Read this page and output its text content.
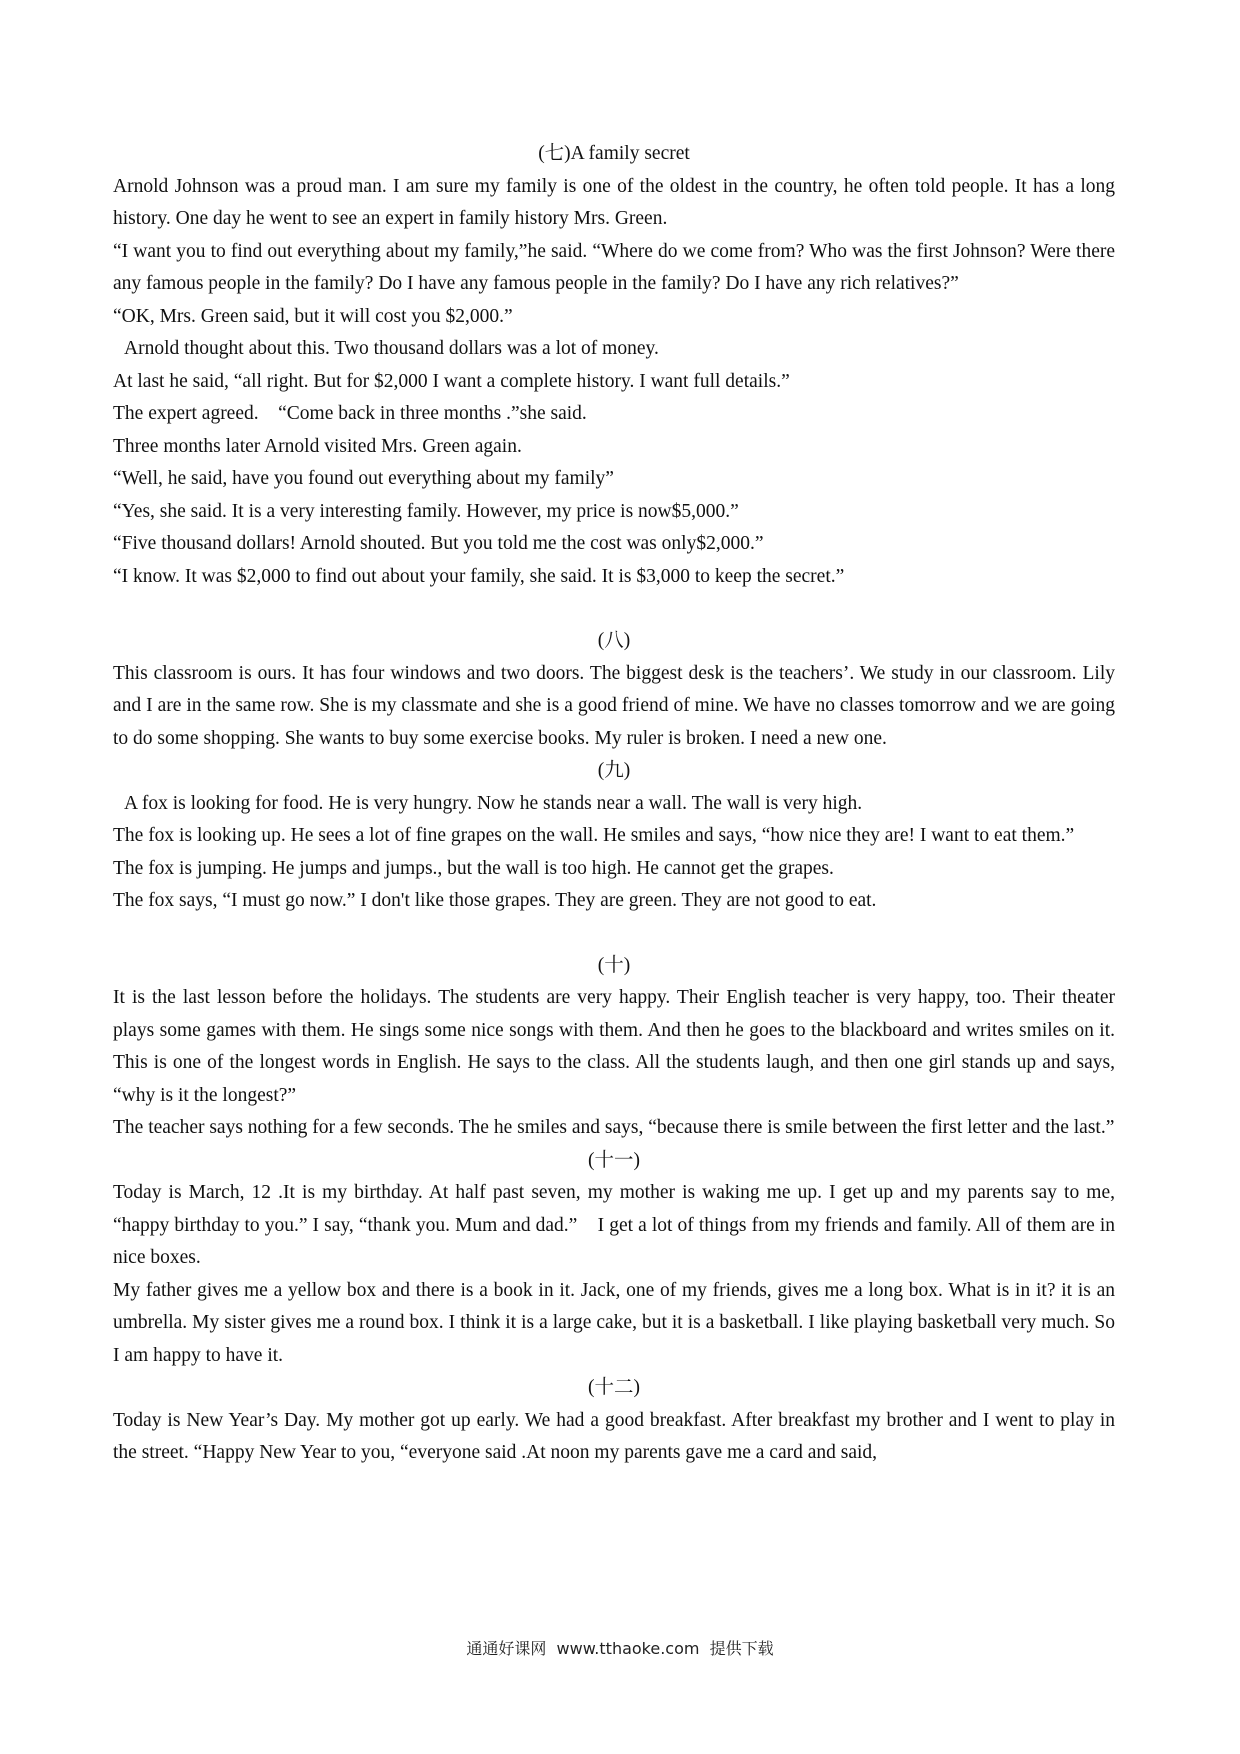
(七)A family secret

Arnold Johnson was a proud man. I am sure my family is one of the oldest in the country, he often told people. It has a long history. One day he went to see an expert in family history Mrs. Green.

“I want you to find out everything about my family,”he said. “Where do we come from? Who was the first Johnson? Were there any famous people in the family? Do I have any famous people in the family? Do I have any rich relatives?”

“OK, Mrs. Green said, but it will cost you $2,000.”

Arnold thought about this. Two thousand dollars was a lot of money.

At last he said, “all right. But for $2,000 I want a complete history. I want full details.”

The expert agreed.    “Come back in three months .”she said.

Three months later Arnold visited Mrs. Green again.

“Well, he said, have you found out everything about my family”

“Yes, she said. It is a very interesting family. However, my price is now$5,000.”

“Five thousand dollars! Arnold shouted. But you told me the cost was only$2,000.”

“I know. It was $2,000 to find out about your family, she said. It is $3,000 to keep the secret.”

(八)

This classroom is ours. It has four windows and two doors. The biggest desk is the teachers’. We study in our classroom. Lily and I are in the same row. She is my classmate and she is a good friend of mine. We have no classes tomorrow and we are going to do some shopping. She wants to buy some exercise books. My ruler is broken. I need a new one.

(九)

A fox is looking for food. He is very hungry. Now he stands near a wall. The wall is very high.

The fox is looking up. He sees a lot of fine grapes on the wall. He smiles and says, “how nice they are! I want to eat them.”

The fox is jumping. He jumps and jumps., but the wall is too high. He cannot get the grapes.

The fox says, “I must go now.” I don't like those grapes. They are green. They are not good to eat.

(十)

It is the last lesson before the holidays. The students are very happy. Their English teacher is very happy, too. Their theater plays some games with them. He sings some nice songs with them. And then he goes to the blackboard and writes smiles on it. This is one of the longest words in English. He says to the class. All the students laugh, and then one girl stands up and says, “why is it the longest?”

The teacher says nothing for a few seconds. The he smiles and says, “because there is smile between the first letter and the last.”

(十一)

Today is March, 12 .It is my birthday. At half past seven, my mother is waking me up. I get up and my parents say to me, “happy birthday to you.” I say, “thank you. Mum and dad.”    I get a lot of things from my friends and family. All of them are in nice boxes.

My father gives me a yellow box and there is a book in it. Jack, one of my friends, gives me a long box. What is in it? it is an umbrella. My sister gives me a round box. I think it is a large cake, but it is a basketball. I like playing basketball very much. So I am happy to have it.

(十二)

Today is New Year’s Day. My mother got up early. We had a good breakfast. After breakfast my brother and I went to play in the street. “Happy New Year to you, “everyone said .At noon my parents gave me a card and said,

通通好课网  www.tthaoke.com  提供下载
